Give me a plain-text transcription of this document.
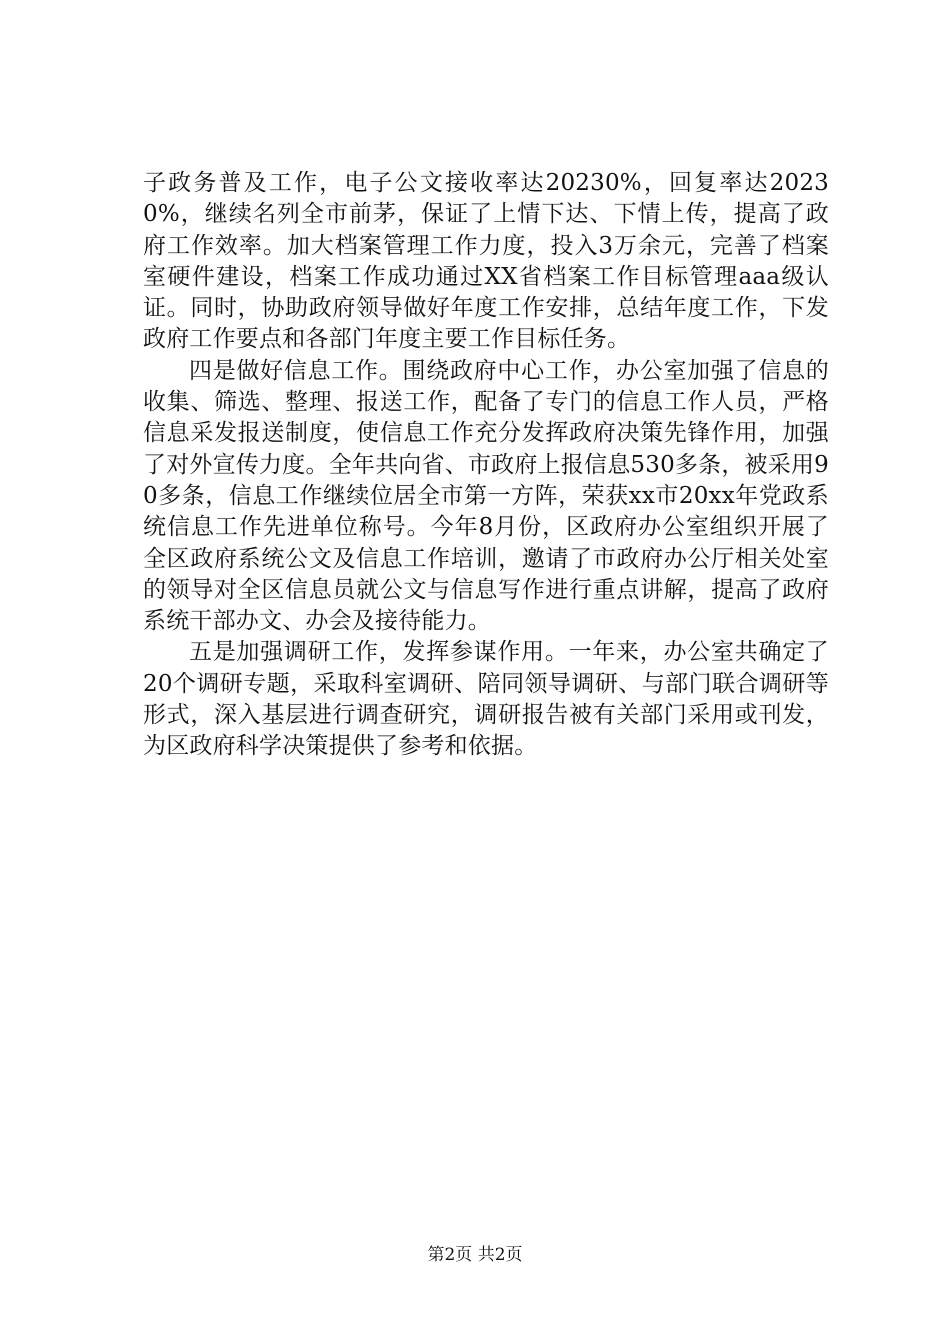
子政务普及工作，电子公文接收率达20230%，回复率达20230%，继续名列全市前茅，保证了上情下达、下情上传，提高了政府工作效率。加大档案管理工作力度，投入3万余元，完善了档案室硬件建设，档案工作成功通过XX省档案工作目标管理aaa级认证。同时，协助政府领导做好年度工作安排，总结年度工作，下发政府工作要点和各部门年度主要工作目标任务。

四是做好信息工作。围绕政府中心工作，办公室加强了信息的收集、筛选、整理、报送工作，配备了专门的信息工作人员，严格信息采发报送制度，使信息工作充分发挥政府决策先锋作用，加强了对外宣传力度。全年共向省、市政府上报信息530多条，被采用90多条，信息工作继续位居全市第一方阵，荣获xx市20xx年党政系统信息工作先进单位称号。今年8月份，区政府办公室组织开展了全区政府系统公文及信息工作培训，邀请了市政府办公厅相关处室的领导对全区信息员就公文与信息写作进行重点讲解，提高了政府系统干部办文、办会及接待能力。

五是加强调研工作，发挥参谋作用。一年来，办公室共确定了20个调研专题，采取科室调研、陪同领导调研、与部门联合调研等形式，深入基层进行调查研究，调研报告被有关部门采用或刊发，为区政府科学决策提供了参考和依据。

第2页 共2页
